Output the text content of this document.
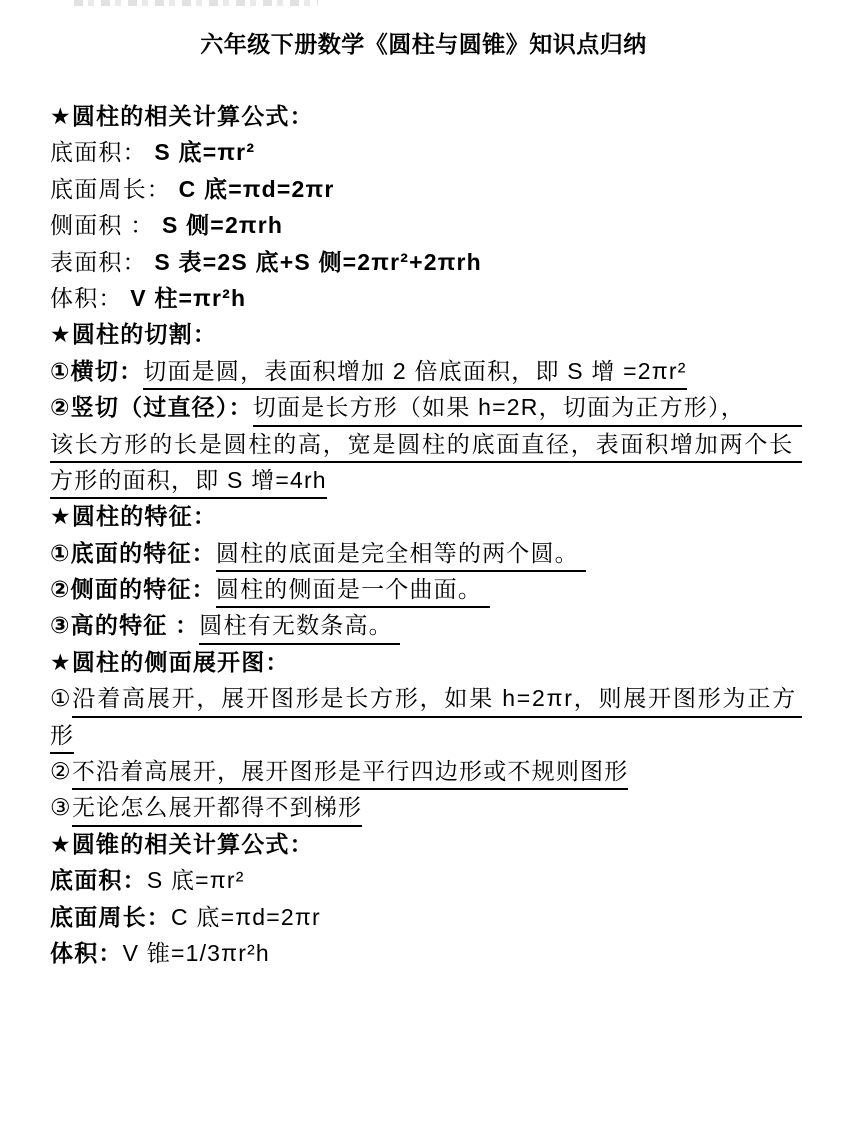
六年级下册数学《圆柱与圆锥》知识点归纳
★圆柱的相关计算公式：
底面积： S 底=πr²
底面周长： C 底=πd=2πr
侧面积 ： S 侧=2πrh
表面积： S 表=2S 底+S 侧=2πr²+2πrh
体积： V 柱=πr²h
★圆柱的切割：
①横切： 切面是圆，表面积增加 2 倍底面积，即 S 增 =2πr²
②竖切（过直径）： 切面是长方形（如果 h=2R，切面为正方形），
该长方形的长是圆柱的高，宽是圆柱的底面直径，表面积增加两个长
方形的面积，即 S 增=4rh
★圆柱的特征：
①底面的特征： 圆柱的底面是完全相等的两个圆。
②侧面的特征： 圆柱的侧面是一个曲面。
③高的特征 ： 圆柱有无数条高。
★圆柱的侧面展开图：
① 沿着高展开，展开图形是长方形，如果 h=2πr，则展开图形为正方
形
② 不沿着高展开，展开图形是平行四边形或不规则图形
③ 无论怎么展开都得不到梯形
★圆锥的相关计算公式：
底面积： S 底=πr²
底面周长： C 底=πd=2πr
体积： V 锥=1/3πr²h
